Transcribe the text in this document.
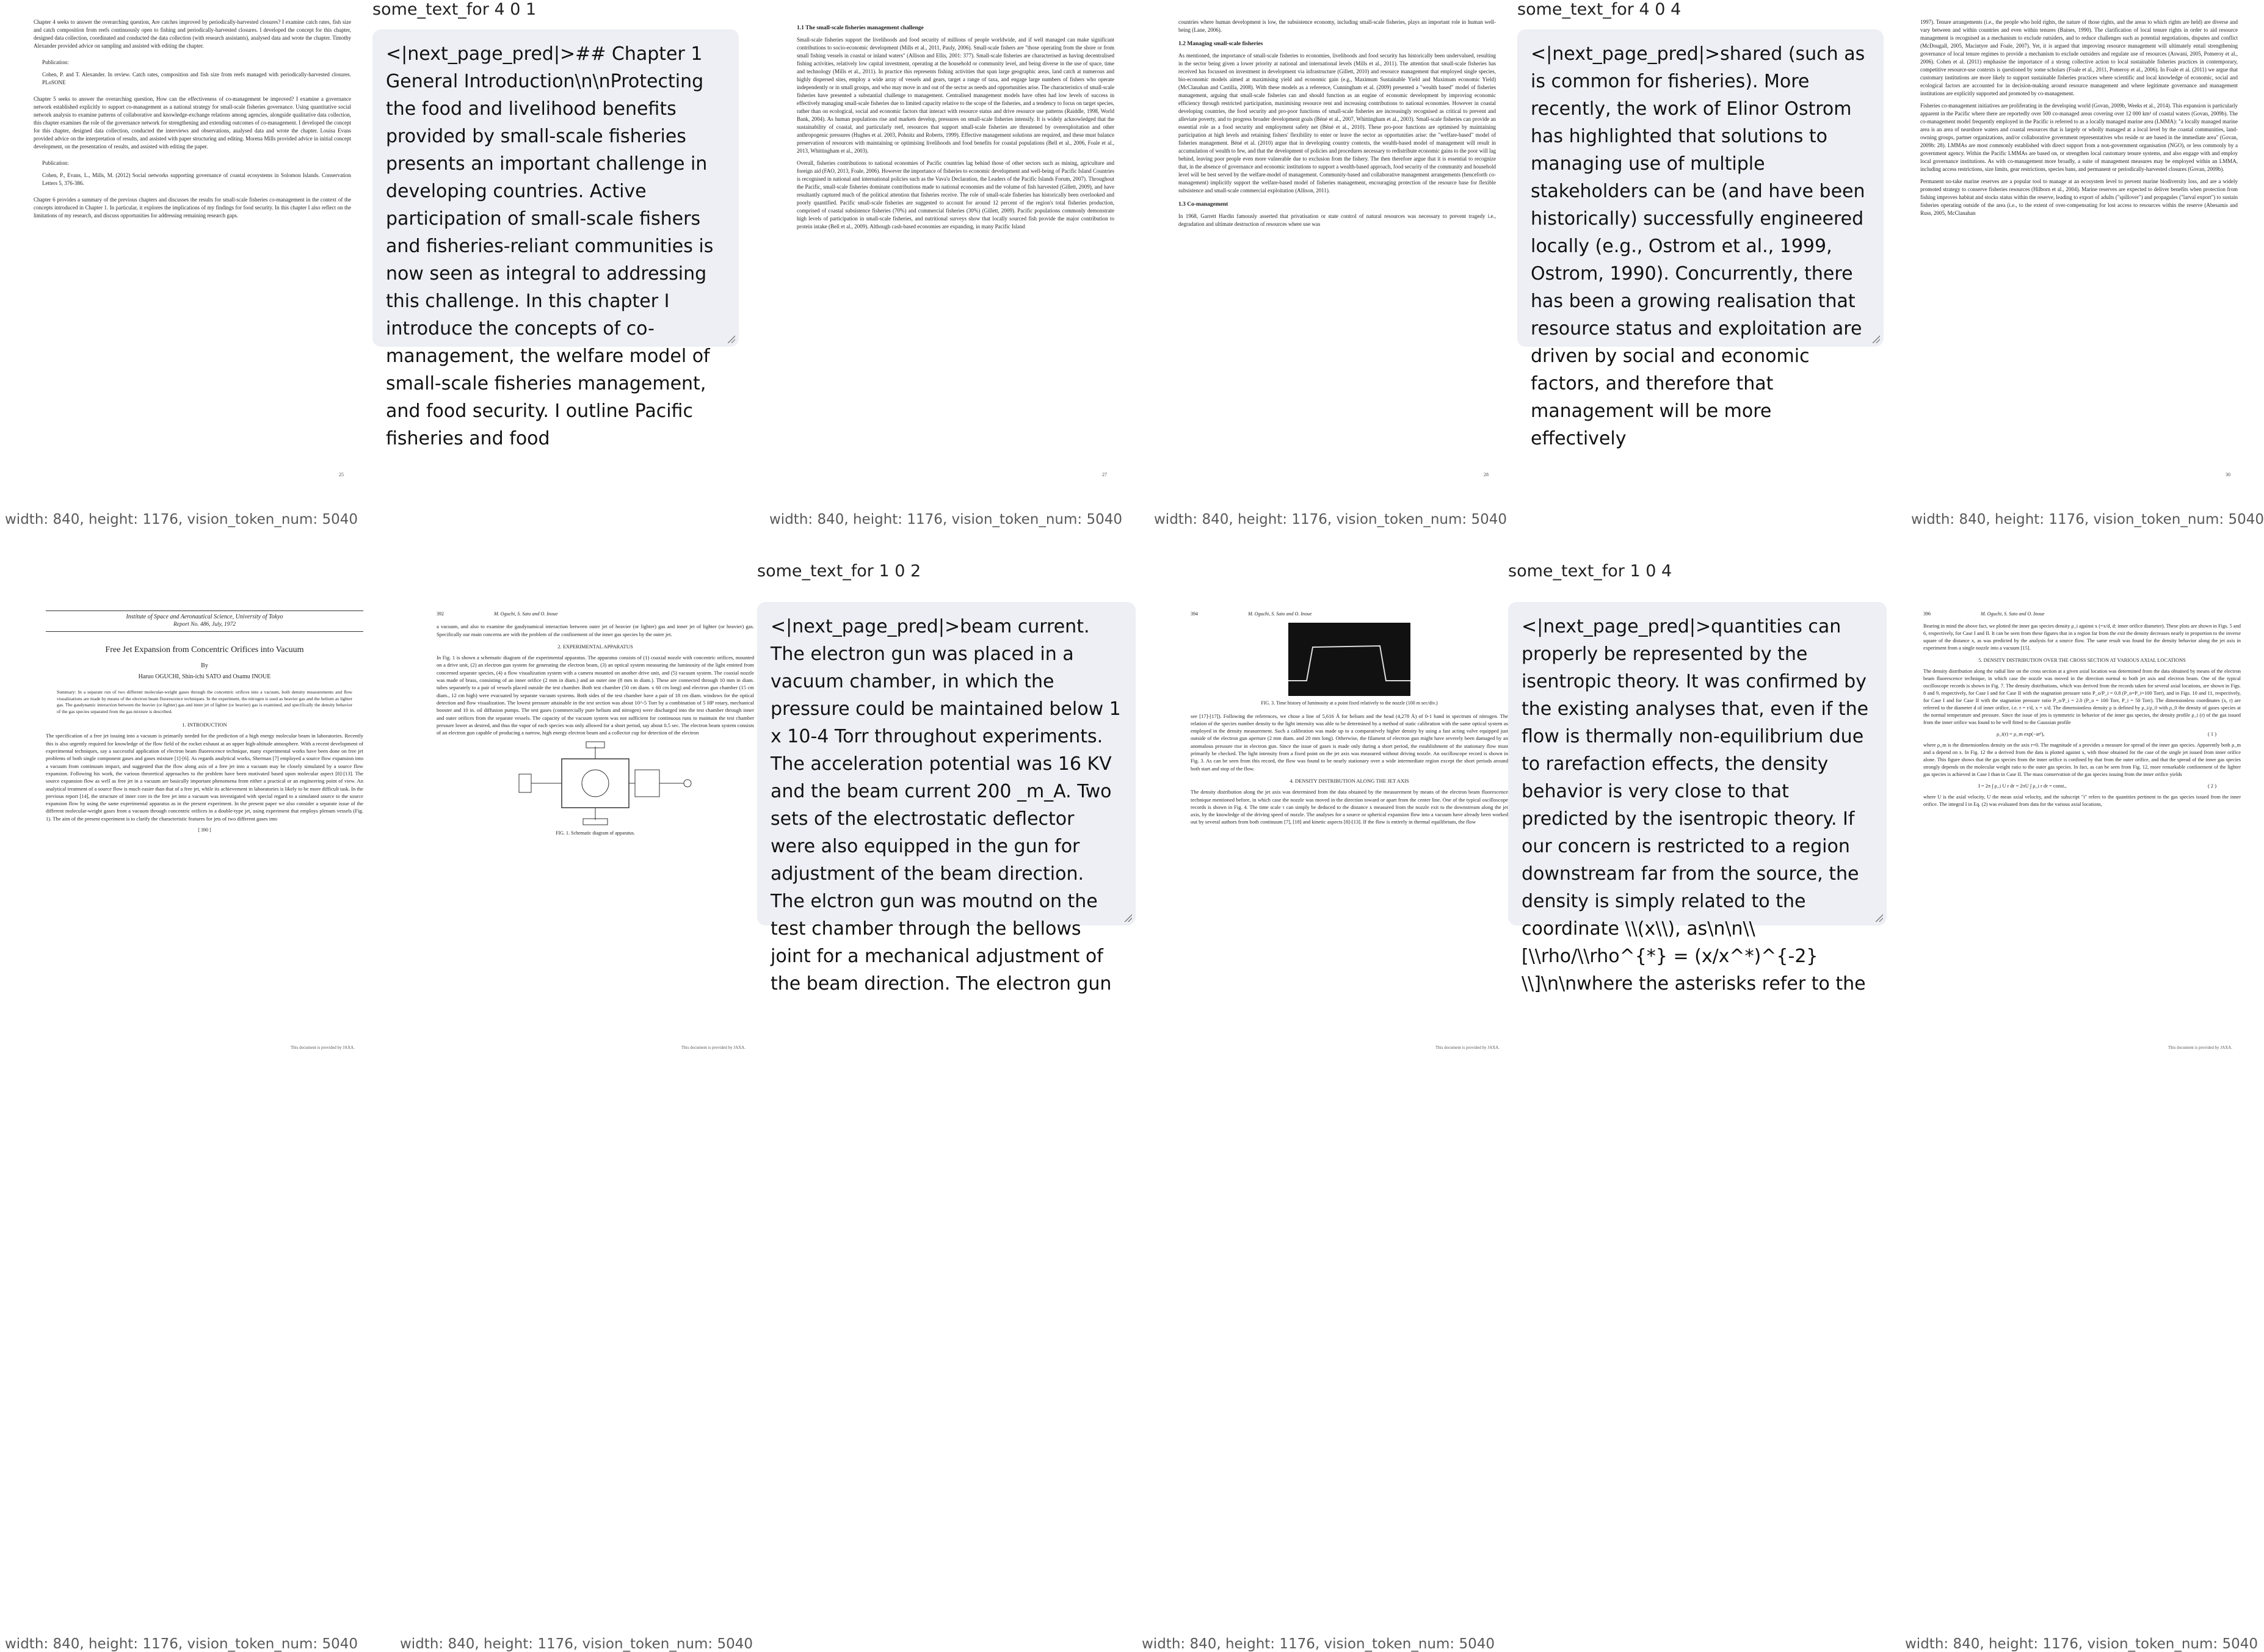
Chapter 4 seeks to answer the overarching question, Are catches improved by periodically-harvested closures? I examine catch rates, fish size and catch composition from reefs continuously open to fishing and periodically-harvested closures. I developed the concept for this chapter, designed data collection, coordinated and conducted the data collection (with research assistants), analysed data and wrote the chapter. Timothy Alexander provided advice on sampling and assisted with editing the chapter.

Publication:

Cohen, P. and T. Alexander. In review. Catch rates, composition and fish size from reefs managed with periodically-harvested closures. PLoSONE

Chapter 5 seeks to answer the overarching question, How can the effectiveness of co-management be improved? I examine a governance network established explicitly to support co-management as a national strategy for small-scale fisheries governance. Using quantitative social network analysis to examine patterns of collaborative and knowledge-exchange relations among agencies, alongside qualitative data collection, this chapter examines the role of the governance network for strengthening and extending outcomes of co-management. I developed the concept for this chapter, designed data collection, conducted the interviews and observations, analysed data and wrote the chapter. Louisa Evans provided advice on the interpretation of results, and assisted with paper structuring and editing. Morena Mills provided advice in initial concept development, on the presentation of results, and assisted with editing the paper.

Publication:

Cohen, P., Evans, L., Mills, M. (2012) Social networks supporting governance of coastal ecosystems in Solomon Islands. Conservation Letters 5, 376-386.

Chapter 6 provides a summary of the previous chapters and discusses the results for small-scale fisheries co-management in the context of the concepts introduced in Chapter 1. In particular, it explores the implications of my findings for food security. In this chapter I also reflect on the limitations of my research, and discuss opportunities for addressing remaining research gaps.

25
width: 840, height: 1176, vision_token_num: 5040
some_text_for 4 0 1
<|next_page_pred|>## Chapter 1 General Introduction\n\nProtecting the food and livelihood benefits provided by small-scale fisheries presents an important challenge in developing countries. Active participation of small-scale fishers and fisheries-reliant communities is now seen as integral to addressing this challenge. In this chapter I introduce the concepts of co-management, the welfare model of small-scale fisheries management, and food security. I outline Pacific fisheries and food
1.1 The small-scale fisheries management challenge

Small-scale fisheries support the livelihoods and food security of millions of people worldwide, and if well managed can make significant contributions to socio-economic development (Mills et al., 2011, Pauly, 2006). Small-scale fishers are "those operating from the shore or from small fishing vessels in coastal or inland waters" (Allison and Ellis, 2001: 377). Small-scale fisheries are characterised as having decentralised fishing activities, relatively low capital investment, operating at the household or community level, and being diverse in the use of space, time and technology (Mills et al., 2011). In practice this represents fishing activities that span large geographic areas, land catch at numerous and highly dispersed sites, employ a wide array of vessels and gears, target a range of taxa, and engage large numbers of fishers who operate independently or in small groups, and who may move in and out of the sector as needs and opportunities arise. The characteristics of small-scale fisheries have presented a substantial challenge to management. Centralised management models have often had low levels of success in effectively managing small-scale fisheries due to limited capacity relative to the scope of the fisheries, and a tendency to focus on target species, rather than on ecological, social and economic factors that interact with resource status and drive resource use patterns (Raiddle, 1998, World Bank, 2004). As human populations rise and markets develop, pressures on small-scale fisheries intensify. It is widely acknowledged that the sustainability of coastal, and particularly reef, resources that support small-scale fisheries are threatened by overexploitation and other anthropogenic pressures (Hughes et al. 2003, Pohnitz and Roberts, 1999). Effective management solutions are required, and these must balance preservation of resources with maintaining or optimising livelihoods and food benefits for coastal populations (Bell et al., 2006, Foale et al., 2013, Whittingham et al., 2003).

Overall, fisheries contributions to national economies of Pacific countries lag behind those of other sectors such as mining, agriculture and foreign aid (FAO, 2013, Foale, 2006). However the importance of fisheries to economic development and well-being of Pacific Island Countries is recognised in national and international policies such as the Vava'u Declaration, the Leaders of the Pacific Islands Forum, 2007). Throughout the Pacific, small-scale fisheries dominate contributions made to national economies and the volume of fish harvested (Gillett, 2009), and have resultantly captured much of the political attention that fisheries receive. The role of small-scale fisheries has historically been overlooked and poorly quantified. Pacific small-scale fisheries are suggested to account for around 12 percent of the region's total fisheries production, comprised of coastal subsistence fisheries (70%) and commercial fisheries (30%) (Gillett, 2009). Pacific populations commonly demonstrate high levels of participation in small-scale fisheries, and nutritional surveys show that locally sourced fish provide the major contribution to protein intake (Bell et al., 2009). Although cash-based economies are expanding, in many Pacific Island

27
width: 840, height: 1176, vision_token_num: 5040

countries where human development is low, the subsistence economy, including small-scale fisheries, plays an important role in human well-being (Lane, 2006).

1.2 Managing small-scale fisheries

As mentioned, the importance of small-scale fisheries to economies, livelihoods and food security has historically been undervalued, resulting in the sector being given a lower priority at national and international levels (Mills et al., 2011). The attention that small-scale fisheries has received has focussed on investment in development via infrastructure (Gillett, 2010) and resource management that employed single species, bio-economic models aimed at maximising yield and economic gain (e.g., Maximum Sustainable Yield and Maximum economic Yield) (McClanahan and Castilla, 2008). With these models as a reference, Cunningham et al. (2009) presented a "wealth based" model of fisheries management, arguing that small-scale fisheries can and should function as an engine of economic development by improving economic efficiency through restricted participation, maximising resource rent and increasing contributions to national economies. However in coastal developing countries, the food security and pro-poor functions of small-scale fisheries are increasingly recognised as critical to prevent and alleviate poverty, and to progress broader development goals (Béné et al., 2007, Whittingham et al., 2003). Small-scale fisheries can provide an essential role as a food security and employment safety net (Béné et al., 2010). These pro-poor functions are optimised by maintaining participation at high levels and retaining fishers' flexibility to enter or leave the sector as opportunities arise: the "welfare-based" model of fisheries management. Béné et al. (2010) argue that in developing country contexts, the wealth-based model of management will result in accumulation of wealth to few, and that the development of policies and procedures necessary to redistribute economic gains to the poor will lag behind, leaving poor people even more vulnerable due to exclusion from the fishery. The then therefore argue that it is essential to recognize that, in the absence of governance and economic institutions to support a wealth-based approach, food security of the community and household level will be best served by the welfare-model of management. Community-based and collaborative management arrangements (henceforth co-management) implicitly support the welfare-based model of fisheries management, encouraging protection of the resource base for flexible subsistence and small-scale commercial exploitation (Allison, 2011).

1.3 Co-management

In 1968, Garrett Hardin famously asserted that privatisation or state control of natural resources was necessary to prevent tragedy i.e., degradation and ultimate destruction of resources where use was

28
width: 840, height: 1176, vision_token_num: 5040
some_text_for 4 0 4
<|next_page_pred|>shared (such as is common for fisheries). More recently, the work of Elinor Ostrom has highlighted that solutions to managing use of multiple stakeholders can be (and have been historically) successfully engineered locally (e.g., Ostrom et al., 1999, Ostrom, 1990). Concurrently, there has been a growing realisation that resource status and exploitation are driven by social and economic factors, and therefore that management will be more effectively

1997). Tenure arrangements (i.e., the people who hold rights, the nature of those rights, and the areas to which rights are held) are diverse and vary between and within countries and even within tenures (Baines, 1990). The clarification of local tenure rights in order to aid resource management is recognised as a mechanism to exclude outsiders, and to reduce challenges such as potential negotiations, disputes and conflict (McDougall, 2005, Macintyre and Foale, 2007). Yet, it is argued that improving resource management will ultimately entail strengthening governance of local tenure regimes to provide a mechanism to exclude outsiders and regulate use of resources (Aswani, 2005, Pomeroy et al., 2006). Cohen et al. (2011) emphasise the importance of a strong collective action to local sustainable fisheries practices in contemporary, competitive resource-use contexts is questioned by some scholars (Foale et al., 2011, Pomeroy et al., 2006). In Foale et al. (2011) we argue that customary institutions are more likely to support sustainable fisheries practices where scientific and local knowledge of economic, social and ecological factors are accounted for in decision-making around resource management and where legitimate governance and management institutions are explicitly supported and promoted by co-management.

Fisheries co-management initiatives are proliferating in the developing world (Govan, 2009b, Weeks et al., 2014). This expansion is particularly apparent in the Pacific where there are reportedly over 500 co-managed areas covering over 12 000 km² of coastal waters (Govan, 2009b). The co-management model frequently employed in the Pacific is referred to as a locally managed marine area (LMMA): "a locally managed marine area is an area of nearshore waters and coastal resources that is largely or wholly managed at a local level by the coastal communities, land-owning groups, partner organizations, and/or collaborative government representatives who reside or are based in the immediate area" (Govan, 2009b: 28). LMMAs are most commonly established with direct support from a non-government organisation (NGO), or less commonly by a government agency. Within the Pacific LMMAs are based on, or strengthen local customary tenure systems, and also engage with and employ local governance institutions. As with co-management more broadly, a suite of management measures may be employed within an LMMA, including access restrictions, size limits, gear restrictions, species bans, and permanent or periodically-harvested closures (Govan, 2009b).

Permanent no-take marine reserves are a popular tool to manage at an ecosystem level to prevent marine biodiversity loss, and are a widely promoted strategy to conserve fisheries resources (Hilborn et al., 2004). Marine reserves are expected to deliver benefits when protection from fishing improves habitat and stocks status within the reserve, leading to export of adults ("spillover") and propagules ("larval export") to sustain fisheries operating outside of the area (i.e., to the extent of over-compensating for lost access to resources within the reserve (Abesamis and Russ, 2005, McClanahan

30
width: 840, height: 1176, vision_token_num: 5040
Institute of Space and Aeronautical Science, University of Tokyo
Report No. 486, July, 1972
Free Jet Expansion from Concentric Orifices into Vacuum
By
Haruo OGUCHI, Shin-ichi SATO and Osamu INOUE

Summary: In a separate run of two different molecular-weight gases through the concentric orifices into a vacuum, both density measurements and flow visualizations are made by means of the electron beam fluorescence techniques. In the experiment, the nitrogen is used as heavier gas and the helium as lighter gas. The gasdynamic interaction between the heavier (or lighter) gas and inner jet of lighter (or heavier) gas is examined, and specifically the density behavior of the gas species separated from the gas mixture is described.

1. INTRODUCTION

The specification of a free jet issuing into a vacuum is primarily needed for the prediction of a high energy molecular beam in laboratories. Recently this is also urgently required for knowledge of the flow field of the rocket exhaust at an upper high-altitude atmosphere. With a recent development of experimental techniques, say a successful application of electron beam fluorescence technique, many experimental works have been done on free jet problems of both single component gases and gases mixture [1]-[6]. As regards analytical works, Sherman [7] employed a source flow expansion into a vacuum from continuum impact, and suggested that the flow along axis of a free jet into a vacuum may be closely simulated by a source flow expansion. Following his work, the various theoretical approaches to the problem have been motivated based upon molecular aspect [8]-[13]. The source expansion flow as well as free jet in a vacuum are basically important phenomena from either a practical or an engineering point of view. An analytical treatment of a source flow is much easier than that of a free jet, while its achievement in laboratories is likely to be more difficult task. In the previous report [14], the structure of inner core in the free jet into a vacuum was investigated with special regard to a simulated source to the source expansion flow by using the same experimental apparatus as in the present experiment. In the present paper we also consider a separate issue of the different molecular-weight gases from a vacuum through concentric orifices in a double-type jet, using experiment that employs plenum vessels (Fig. 1). The aim of the present experiment is to clarify the characteristic features for jets of two different gases into

[ 390 ]
This document is provided by JAXA.
width: 840, height: 1176, vision_token_num: 5040
392	M. Oguchi, S. Sato and O. Inoue

a vacuum, and also to examine the gasdynamical interaction between outer jet of heavier (or lighter) gas and inner jet of lighter (or heavier) gas. Specifically our main concerns are with the problem of the confinement of the inner gas species by the outer jet.

2. EXPERIMENTAL APPARATUS

In Fig. 1 is shown a schematic diagram of the experimental apparatus. The apparatus consists of (1) coaxial nozzle with concentric orifices, mounted on a drive unit, (2) an electron gun system for generating the electron beam, (3) an optical system measuring the luminosity of the light emitted from concerned separate species, (4) a flow visualization system with a camera mounted on another drive unit, and (5) vacuum system. The coaxial nozzle was made of brass, consisting of an inner orifice (2 mm in diam.) and an outer one (8 mm in diam.). These are connected through 10 mm in diam. tubes separately to a pair of vessels placed outside the test chamber. Both test chamber (50 cm diam. x 60 cm long) and electron gun chamber (15 cm diam., 12 cm high) were evacuated by separate vacuum systems. Both sides of the test chamber have a pair of 18 cm diam. windows for the optical detection and flow visualization. The lowest pressure attainable in the test section was about 10^-5 Torr by a combination of 5 HP rotary, mechanical booster and 10 in. oil diffusion pumps. The test gases (commercially pure helium and nitrogen) were discharged into the test chamber through inner and outer orifices from the separate vessels. The capacity of the vacuum system was not sufficient for continuous runs to maintain the test chamber pressure lower as desired, and thus the vapor of each species was only allowed for a short period, say about 0.5 sec. The electron beam system consists of an electron gun capable of producing a narrow, high energy electron beam and a collector cup for detection of the electron

FIG. 1. Schematic diagram of apparatus.
This document is provided by JAXA.
some_text_for 1 0 2
<|next_page_pred|>beam current. The electron gun was placed in a vacuum chamber, in which the pressure could be maintained below 1 x 10-4 Torr throughout experiments. The acceleration potential was 16 KV and the beam current 200 _m_A. Two sets of the electrostatic deflector were also equipped in the gun for adjustment of the beam direction. The elctron gun was moutnd on the test chamber through the bellows joint for a mechanical adjustment of the beam direction. The electron gun
width: 840, height: 1176, vision_token_num: 5040
394	M. Oguchi, S. Sato and O. Inoue
FIG. 3. Time history of luminosity at a point fixed relatively to the nozzle (100 m sec/div.)

see [17]-[17]). Following the references, we chose a line of 5,616 Å for helium and the head (4,278 Å) of 0-1 band in spectrum of nitrogen. The relation of the species number density to the light intensity was able to be determined by a method of static calibration with the same optical system as employed in the density measurement. Such a calibration was made up to a comparatively higher density by using a fast acting valve equipped just outside of the electron gun aperture (2 mm diam. and 20 mm long). Otherwise, the filament of electron gun might have severely been damaged by an anomalous pressure rise in electron gun. Since the issue of gases is made only during a short period, the establishment of the stationary flow must primarily be checked. The light intensity from a fixed point on the jet axis was measured without driving nozzle. An oscilloscope record is shown in Fig. 3. As can be seen from this record, the flow was found to be nearly stationary over a wide intermediate region except the short periods around both start and stop of the flow.

4. DENSITY DISTRIBUTION ALONG THE JET AXIS

The density distribution along the jet axis was determined from the data obtained by the measurement by means of the electron beam fluorescence technique mentioned before, in which case the nozzle was moved in the direction toward or apart from the center line. One of the typical oscilloscope records is shown in Fig. 4. The time scale τ can simply be deduced to the distance x measured from the nozzle exit to the downstream along the jet axis, by the knowledge of the driving speed of nozzle. The analyses for a source or spherical expansion flow into a vacuum have already been worked out by several authors from both continuum [7], [18] and kinetic aspects [8]-[13]. If the flow is entirely in thermal equilibrium, the flow

This document is provided by JAXA.
width: 840, height: 1176, vision_token_num: 5040
some_text_for 1 0 4
<|next_page_pred|>quantities can properly be represented by the isentropic theory. It was confirmed by the existing analyses that, even if the flow is thermally non-equilibrium due to rarefaction effects, the density behavior is very close to that predicted by the isentropic theory. If our concern is restricted to a region downstream far from the source, the density is simply related to the coordinate \\(x\\), as\n\n\\[\\rho/\\rho^{*} = (x/x^*)^{-2} \\]\n\nwhere the asterisks refer to the
396	M. Oguchi, S. Sato and O. Inoue

Bearing in mind the above fact, we plotted the inner gas species density ρ_i against x (=x/d, d: inner orifice diameter). These plots are shown in Figs. 5 and 6, respectively, for Case I and II. It can be seen from these figures that in a region far from the exit the density decreases nearly in proportion to the inverse square of the distance x, as was predicted by the analysis for a source flow. The same result was found for the density behavior along the jet axis in experiment from a single nozzle into a vacuum [15].

5. DENSITY DISTRIBUTION OVER THE CROSS SECTION AT VARIOUS AXIAL LOCATIONS

The density distribution along the radial line on the cross section at a given axial location was determined from the data obtained by means of the electron beam fluorescence technique, in which case the nozzle was moved in the direction normal to both jet axis and electron beam. One of the typical oscilloscope records is shown in Fig. 7. The density distributions, which was derived from the records taken for several axial locations, are shown in Figs. 8 and 9, respectively, for Case I and for Case II with the stagnation pressure ratio P_o/P_i = 0.8 (P_o=P_i=100 Torr), and in Figs. 10 and 11, respectively, for Case I and for Case II with the stagnation pressure ratio P_o/P_i = 2.0 (P_o = 100 Torr, P_i = 50 Torr). The dimensionless coordinates (x, r) are referred to the diameter d of inner orifice, i.e. r = r/d, x = x/d. The dimensionless density ρ is defined by ρ_i/ρ_0 with ρ_0 the density of gases species at the normal temperature and pressure. Since the issue of jets is symmetric in behavior of the inner gas species, the density profile ρ_i (r) of the gas issued from the inner orifice was found to be well fitted to the Gaussian profile

ρ_i(r) = ρ_m exp(−ar²),	( 1 )

where ρ_m is the dimensionless density on the axis r=0. The magnitude of a provides a measure for spread of the inner gas species. Apparently both ρ_m and a depend on x. In Fig. 12 the a derived from the data is plotted against x, with those obtained for the case of the single jet issued from inner orifice alone. This figure shows that the gas species from the inner orifice is confined by that from the outer orifice, and that the spread of the inner gas species strongly depends on the molecular weight ratio to the outer gas species. In fact, as can be seen from Fig. 12, more remarkable confinement of the lighter gas species is achieved in Case I than in Case II. The mass conservation of the gas species issuing from the inner orifice yields

I = 2π ∫ ρ_i U r dr = 2πU ∫ ρ_i r dr = const.,	( 2 )

where U is the axial velocity, U the mean axial velocity, and the subscript "i" refers to the quantities pertinent to the gas species issued from the inner orifice. The integral I in Eq. (2) was evaluated from data for the various axial locations,

This document is provided by JAXA.
width: 840, height: 1176, vision_token_num: 5040
